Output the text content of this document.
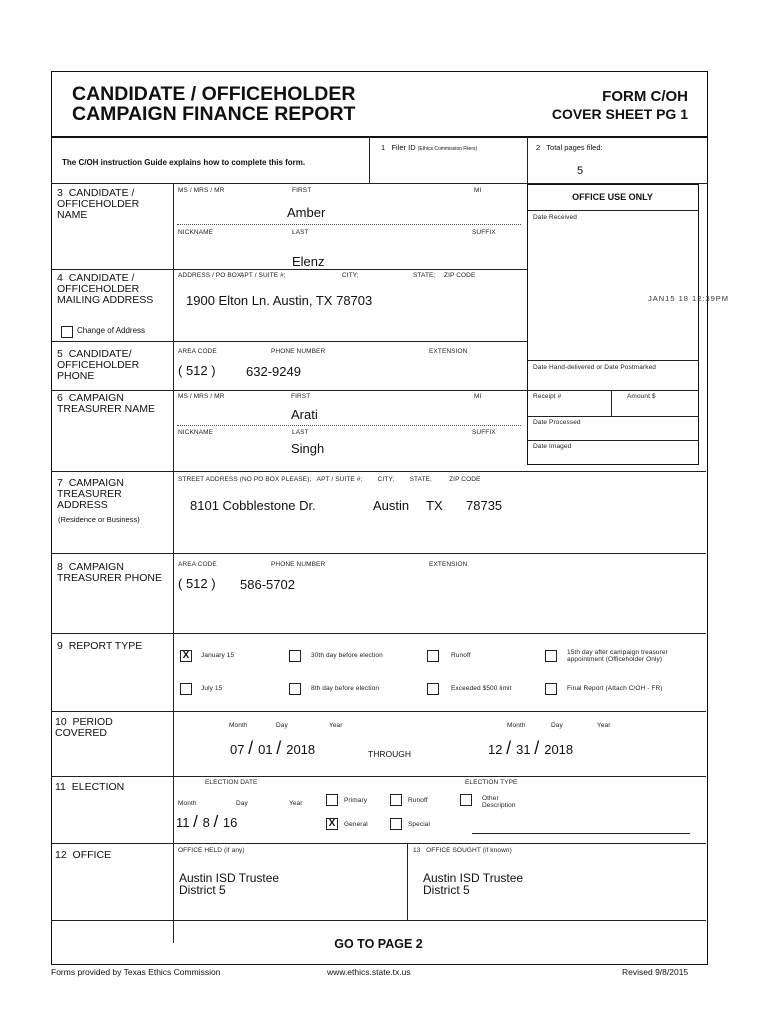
CANDIDATE / OFFICEHOLDER
CAMPAIGN FINANCE REPORT
FORM C/OH
COVER SHEET PG 1
The C/OH instruction Guide explains how to complete this form.
1 Filer ID (Ethics Commission Filers)	2 Total pages filed:
5
OFFICE USE ONLY
Date Received
JAN15 18 12:39PM
Date Hand-delivered or Date Postmarked
Receipt #	Amount $
Date Processed
Date Imaged
3 CANDIDATE / OFFICEHOLDER NAME
MS / MRS / MR	FIRST	MI
Amber
NICKNAME	LAST	SUFFIX
Elenz
4 CANDIDATE / OFFICEHOLDER MAILING ADDRESS
ADDRESS / PO BOX;
APT / SUITE #;	CITY;	STATE; ZIP CODE
1900 Elton Ln. Austin, TX 78703
Change of Address
5 CANDIDATE/ OFFICEHOLDER PHONE
AREA CODE	PHONE NUMBER	EXTENSION
( 512 ) 632-9249
6 CAMPAIGN TREASURER NAME
MS / MRS / MR	FIRST	MI
Arati
NICKNAME	LAST	SUFFIX
Singh
7 CAMPAIGN TREASURER ADDRESS
(Residence or Business)
STREET ADDRESS (NO PO BOX PLEASE);   APT / SUITE #;        CITY;        STATE;         ZIP CODE
8101 Cobblestone Dr.	Austin TX 78735
8 CAMPAIGN TREASURER PHONE
AREA CODE	PHONE NUMBER	EXTENSION
( 512 ) 586-5702
9 REPORT TYPE
X	January 15	30th day before election	Runoff	15th day after campaign treasurer appointment (Officeholder Only)
July 15	8th day before election	Exceeded $500 limit	Final Report (Attach C/OH - FR)
10 PERIOD COVERED
Month	Day	Year
07 / 01 / 2018	THROUGH
Month	Day	Year
12 / 31 / 2018
11 ELECTION	ELECTION DATE	ELECTION TYPE
Month	Day	Year
11 / 8 / 16
Primary	Runoff	Other
Description
X	General	Special
12 OFFICE	OFFICE HELD (if any)
Austin ISD Trustee
District 5
13 OFFICE SOUGHT (if known)
Austin ISD Trustee
District 5
GO TO PAGE 2
Forms provided by Texas Ethics Commission	www.ethics.state.tx.us	Revised 9/8/2015
